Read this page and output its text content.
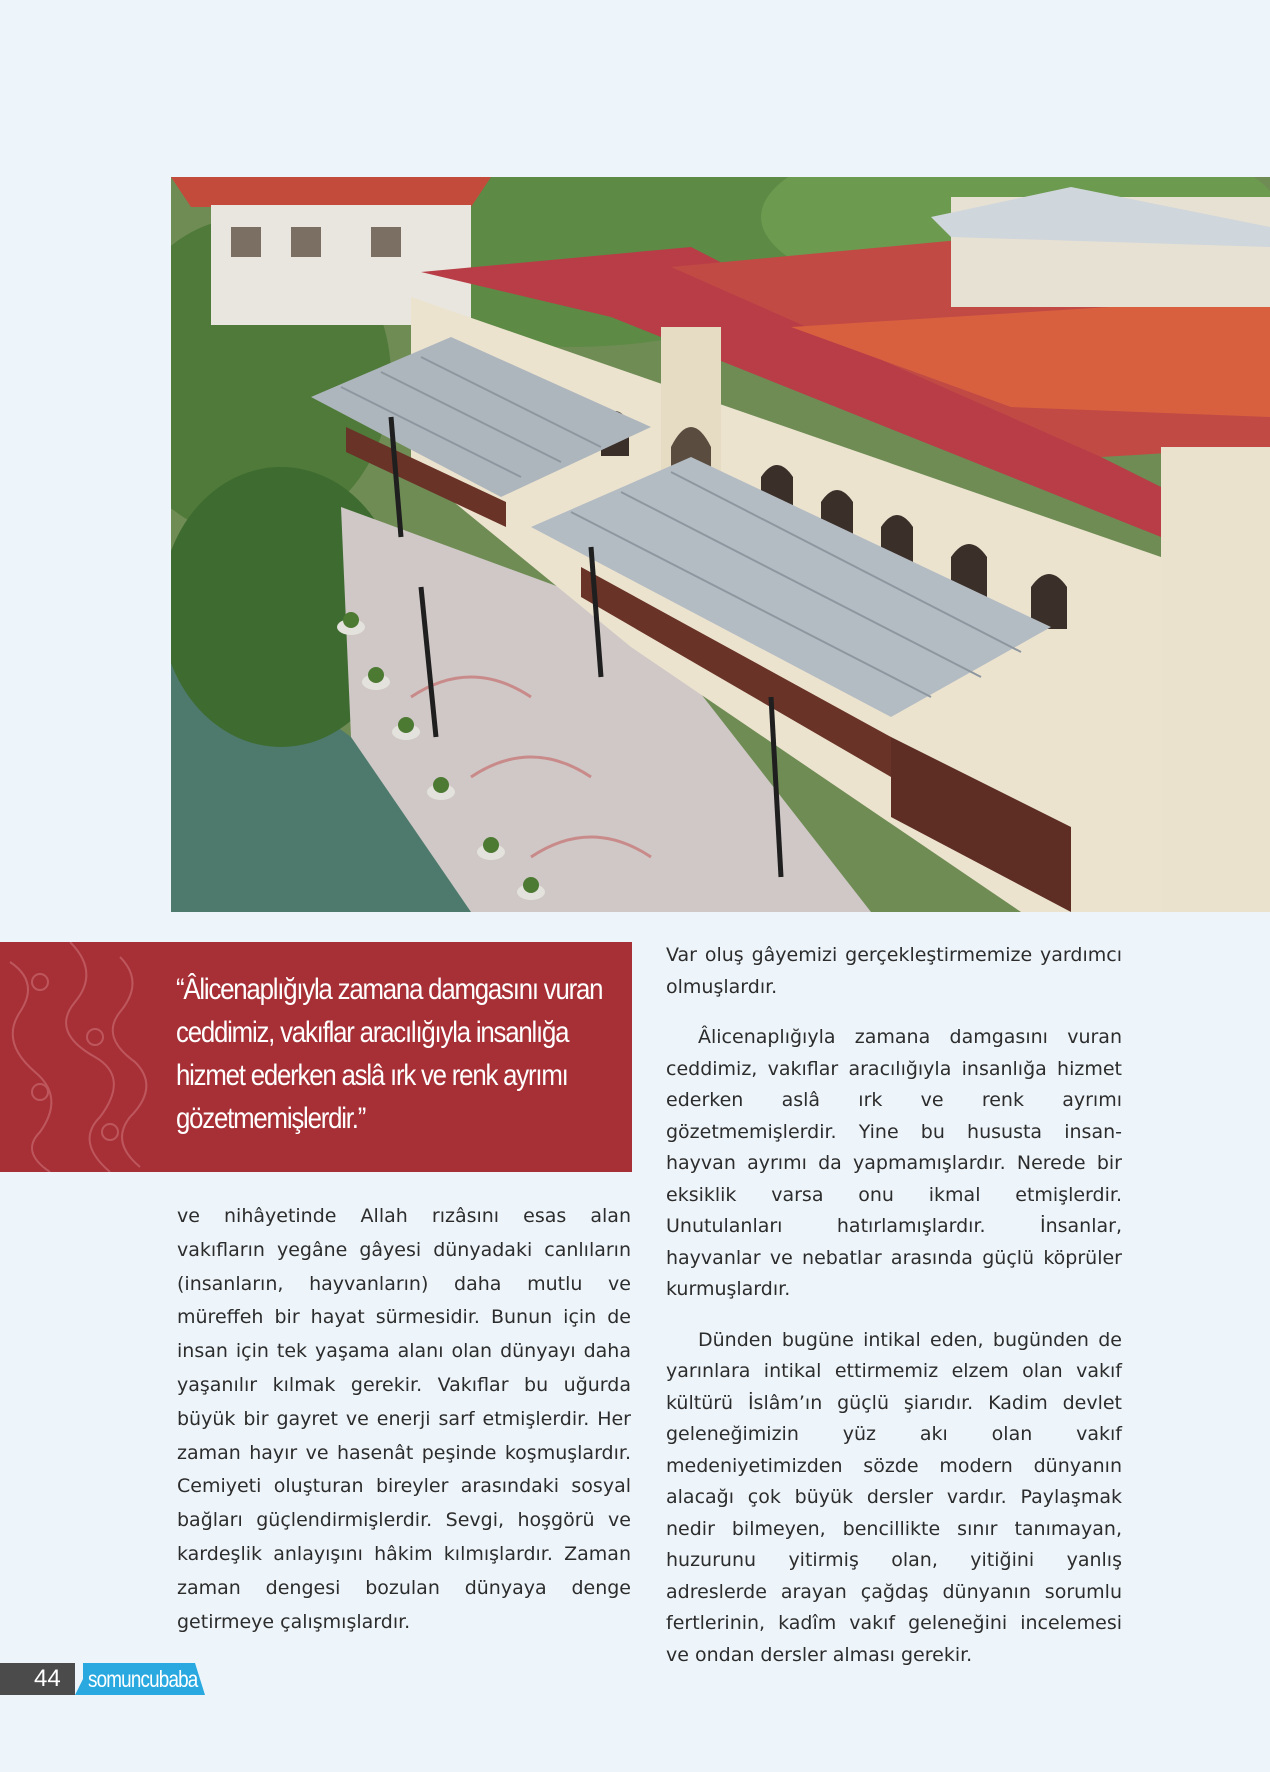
“Âlicenaplığıyla zamana damgasını vuran ceddimiz, vakıflar aracılığıyla insanlığa hizmet ederken aslâ ırk ve renk ayrımı gözetmemişlerdir.”

ve nihâyetinde Allah rızâsını esas alan vakıfların yegâne gâyesi dünyadaki canlıların (insanların, hayvanların) daha mutlu ve müreffeh bir hayat sürmesidir. Bunun için de insan için tek yaşama alanı olan dünyayı daha yaşanılır kılmak gerekir. Vakıflar bu uğurda büyük bir gayret ve enerji sarf etmişlerdir. Her zaman hayır ve hasenât peşinde koşmuşlardır. Cemiyeti oluşturan bireyler arasındaki sosyal bağları güçlendirmişlerdir. Sevgi, hoşgörü ve kardeşlik anlayışını hâkim kılmışlardır. Zaman zaman dengesi bozulan dünyaya denge getirmeye çalışmışlardır.

Var oluş gâyemizi gerçekleştirmemize yardımcı olmuşlardır.

Âlicenaplığıyla zamana damgasını vuran ceddimiz, vakıflar aracılığıyla insanlığa hizmet ederken aslâ ırk ve renk ayrımı gözetmemişlerdir. Yine bu hususta insan-hayvan ayrımı da yapmamışlardır. Nerede bir eksiklik varsa onu ikmal etmişlerdir. Unutulanları hatırlamışlardır. İnsanlar, hayvanlar ve nebatlar arasında güçlü köprüler kurmuşlardır.

Dünden bugüne intikal eden, bugünden de yarınlara intikal ettirmemiz elzem olan vakıf kültürü İslâm’ın güçlü şiarıdır. Kadim devlet geleneğimizin yüz akı olan vakıf medeniyetimizden sözde modern dünyanın alacağı çok büyük dersler vardır. Paylaşmak nedir bilmeyen, bencillikte sınır tanımayan, huzurunu yitirmiş olan, yitiğini yanlış adreslerde arayan çağdaş dünyanın sorumlu fertlerinin, kadîm vakıf geleneğini incelemesi ve ondan dersler alması gerekir.

44 somuncubaba
